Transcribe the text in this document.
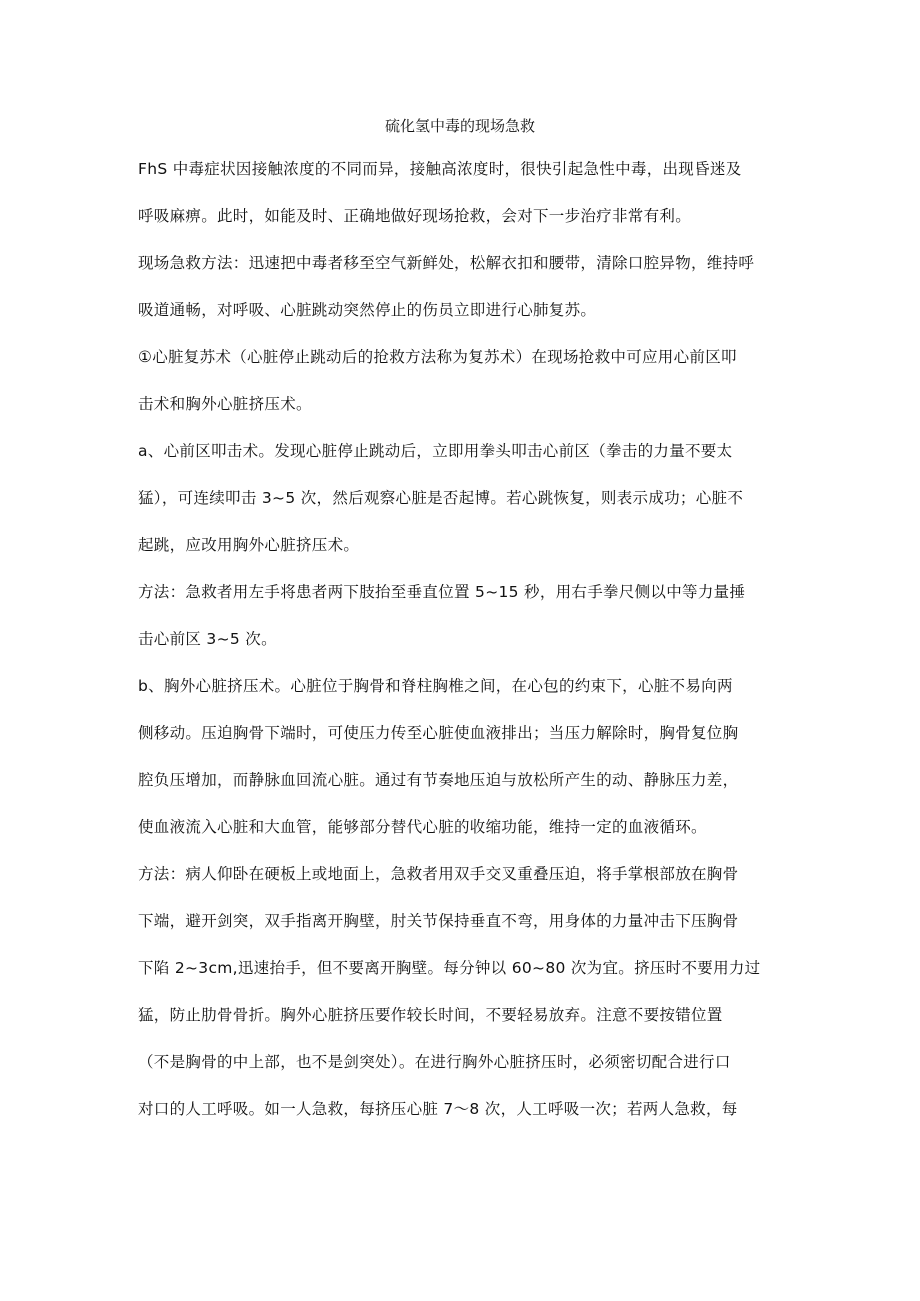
硫化氢中毒的现场急救

FhS 中毒症状因接触浓度的不同而异，接触高浓度时，很快引起急性中毒，出现昏迷及
呼吸麻痹。此时，如能及时、正确地做好现场抢救，会对下一步治疗非常有利。

现场急救方法：迅速把中毒者移至空气新鲜处，松解衣扣和腰带，清除口腔异物，维持呼
吸道通畅，对呼吸、心脏跳动突然停止的伤员立即进行心肺复苏。

①心脏复苏术（心脏停止跳动后的抢救方法称为复苏术）在现场抢救中可应用心前区叩
击术和胸外心脏挤压术。

a、心前区叩击术。发现心脏停止跳动后，立即用拳头叩击心前区（拳击的力量不要太
猛），可连续叩击 3~5 次，然后观察心脏是否起博。若心跳恢复，则表示成功；心脏不
起跳，应改用胸外心脏挤压术。

方法：急救者用左手将患者两下肢抬至垂直位置 5~15 秒，用右手拳尺侧以中等力量捶
击心前区 3~5 次。

b、胸外心脏挤压术。心脏位于胸骨和脊柱胸椎之间，在心包的约束下，心脏不易向两
侧移动。压迫胸骨下端时，可使压力传至心脏使血液排出；当压力解除时，胸骨复位胸
腔负压增加，而静脉血回流心脏。通过有节奏地压迫与放松所产生的动、静脉压力差，
使血液流入心脏和大血管，能够部分替代心脏的收缩功能，维持一定的血液循环。

方法：病人仰卧在硬板上或地面上，急救者用双手交叉重叠压迫，将手掌根部放在胸骨
下端，避开剑突，双手指离开胸壁，肘关节保持垂直不弯，用身体的力量冲击下压胸骨
下陷 2~3cm,迅速抬手，但不要离开胸壁。每分钟以 60~80 次为宜。挤压时不要用力过
猛，防止肋骨骨折。胸外心脏挤压要作较长时间，不要轻易放弃。注意不要按错位置
（不是胸骨的中上部，也不是剑突处）。在进行胸外心脏挤压时，必须密切配合进行口
对口的人工呼吸。如一人急救，每挤压心脏 7～8 次，人工呼吸一次；若两人急救，每
